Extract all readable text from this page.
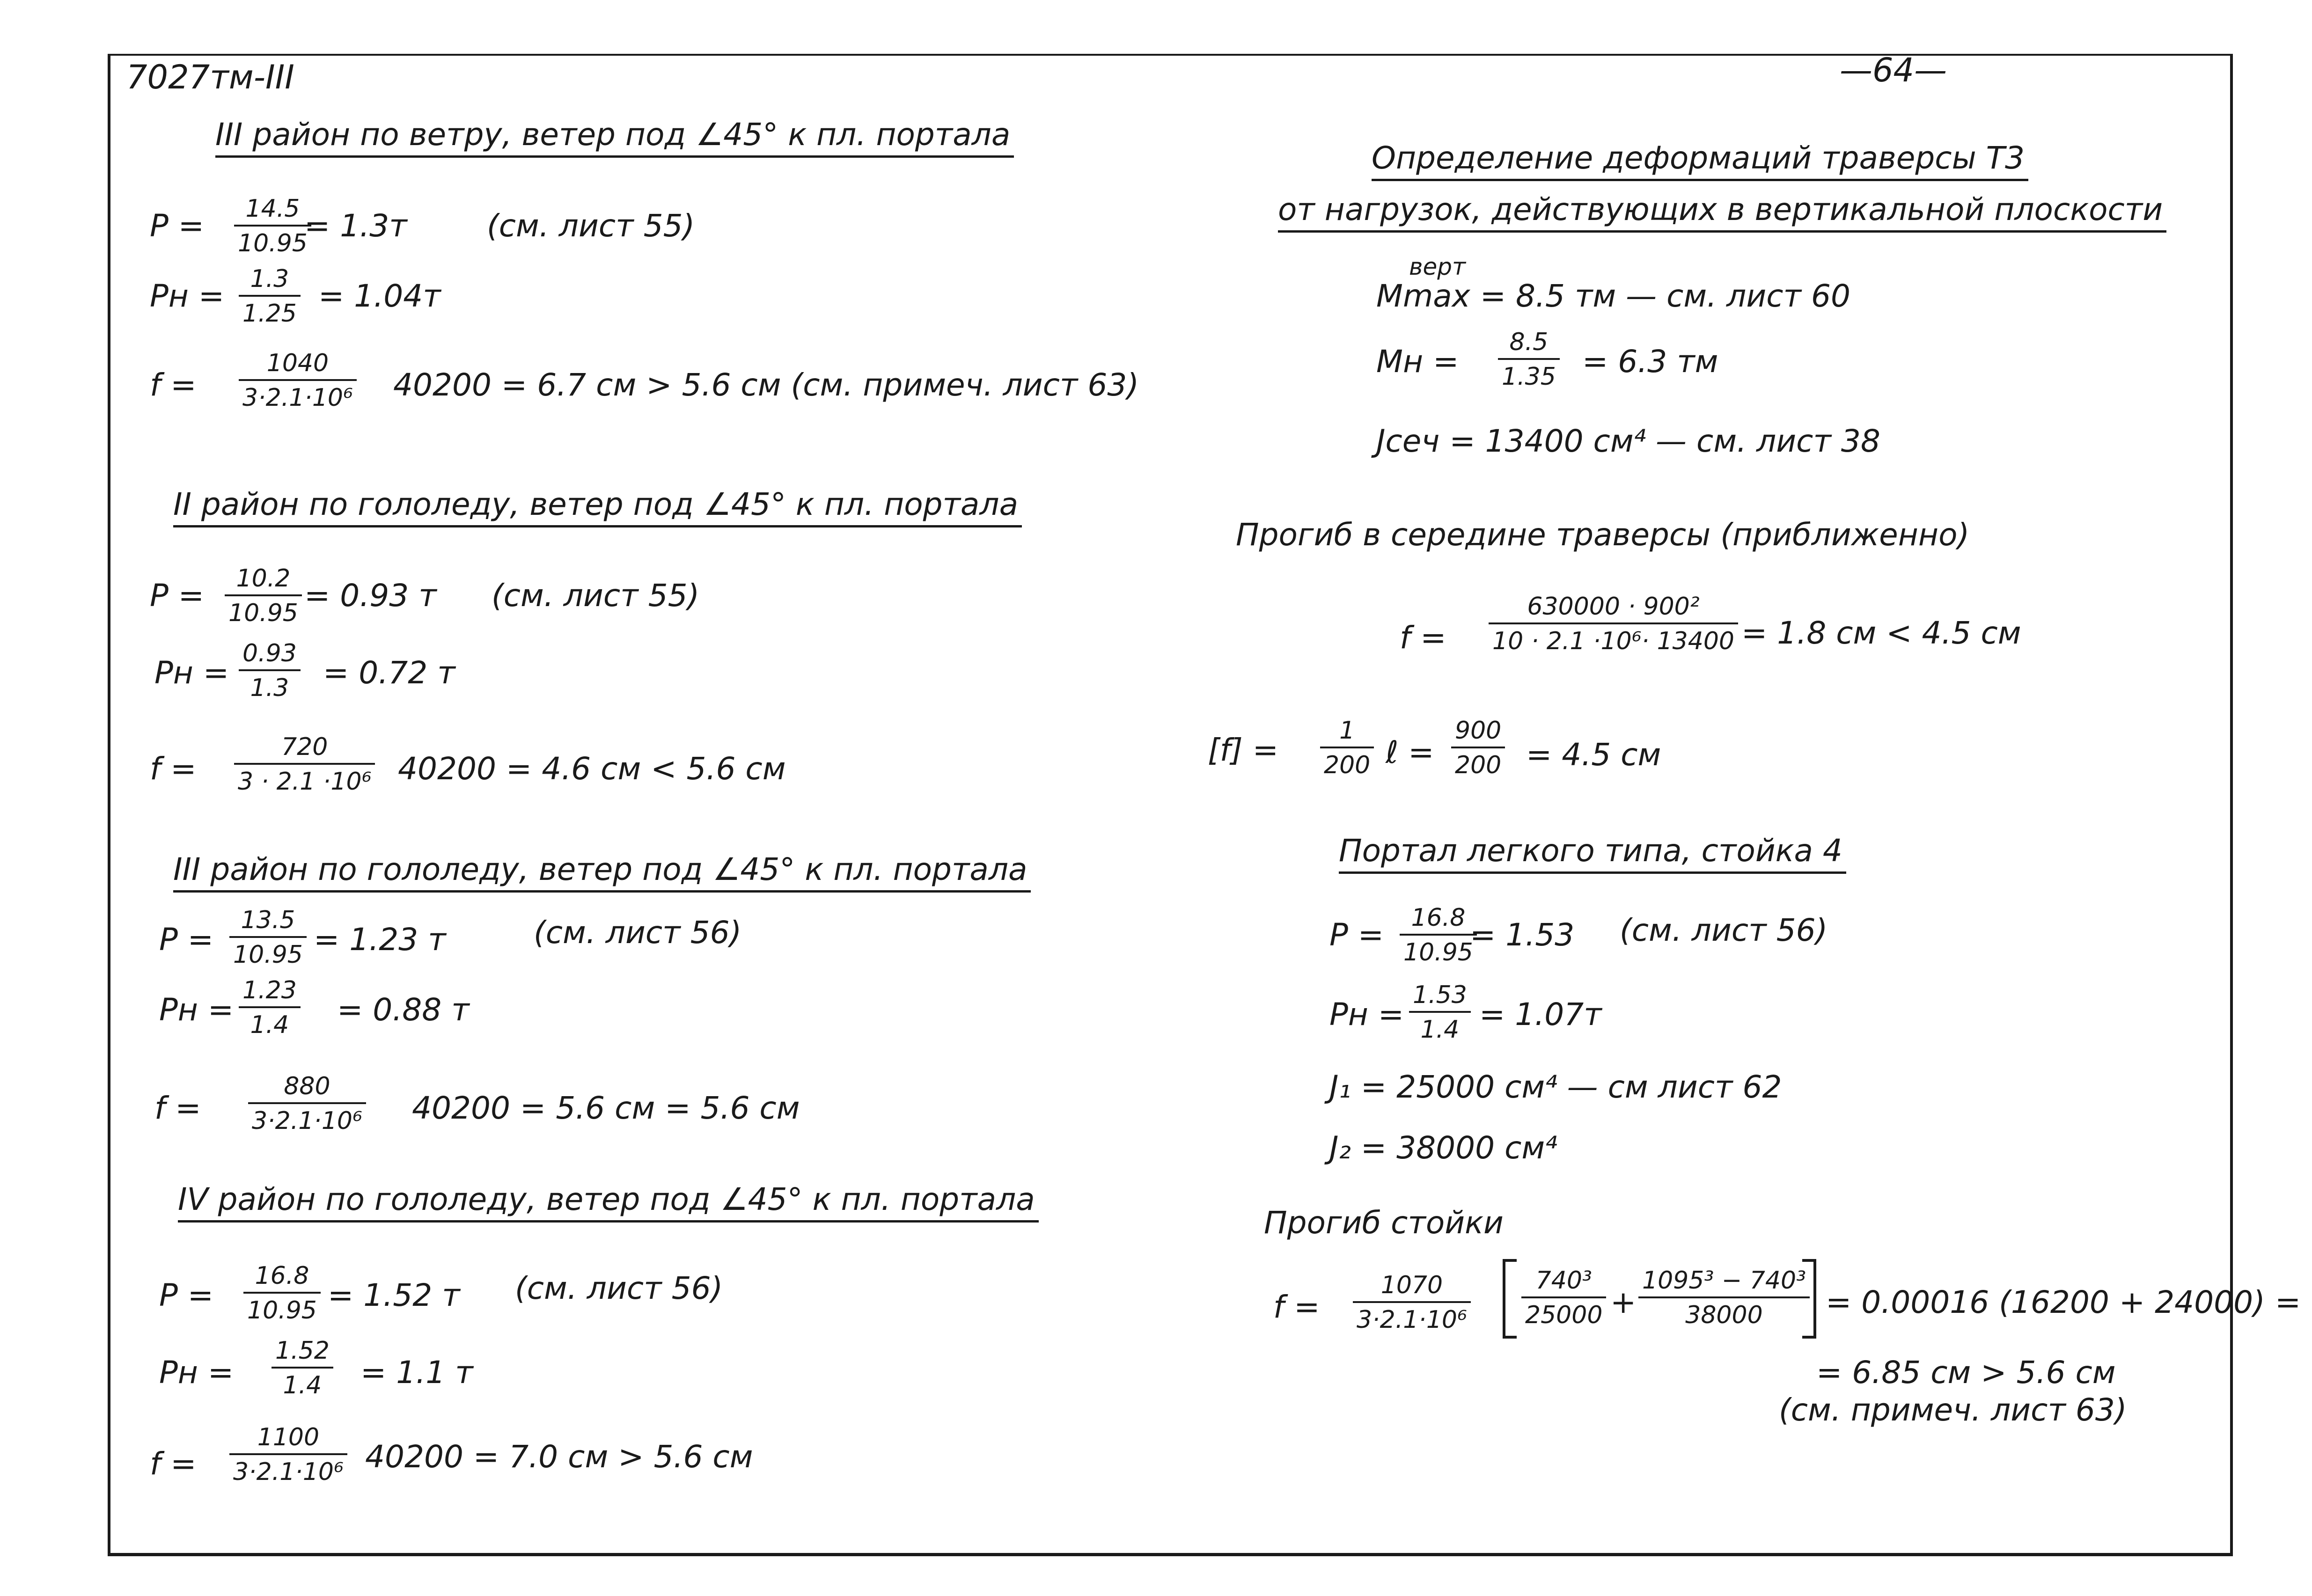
7027тм-III	—64—
III район по ветру, ветер под ∠45° к пл. портала
$P = \frac{14.5}{10.95}$
= 1.3т	(см. лист 55)
Pн = $\frac{1.3}{1.25} = 1.04т$
$f = \frac{1040}{\text{3·2.1·10⁶}} 40200 = 6.7$ см > 5.6 см (см. примеч. лист 63)
II район по гололеду, ветер под ∠45° к пл. портала
$P = \frac{10.2}{10.95} = 0.93$ т (см. лист 55)
Pн = $\frac{0.93}{1.3} = 0.72$ т
$f = \frac{720}{\text{3 · 2.1 ·10⁶}} 40200 = 4.6$ см < 5.6 см
III район по гололеду, ветер под ∠45° к пл. портала
$P = \frac{13.5}{10.95} = 1.23$ т	(см. лист 56)
Pн = $\frac{1.23}{1.4} = 0.88$ т
$f = \frac{880}{\text{3·2.1·10⁶}} 40200 = 5.6$ см = 5.6 см
IV район по гололеду, ветер под ∠45° к пл. портала
$P = \frac{16.8}{10.95} = 1.52$ т (см. лист 56)
Pн = $\frac{1.52}{1.4} = 1.1$ т
$f = \frac{1100}{\text{3·2.1·10⁶}} 40200 = 7.0$ см > 5.6 см
Определение деформаций траверсы Т3
от нагрузок, действующих в вертикальной плоскости
верт
Mmax = 8.5 тм — см. лист 60
Mн = $\frac{8.5}{1.35} = 6.3$ тм
Jсеч = 13400 см⁴ — см. лист 38
Прогиб в середине траверсы (приближенно)
$f = \frac{\text{630000 · 900²}}{\text{10 · 2.1 ·10⁶· 13400}} = 1.8$ см < 4.5 см
$[f] = \frac{1}{200}$ ℓ = $\frac{900}{200} = 4.5$ см
Портал легкого типа, стойка 4
$P = \frac{16.8}{10.95}$
= 1.53 (см. лист 56)
Pн = $\frac{1.53}{1.4} = 1.07т$
J₁ = 25000 см⁴ — см лист 62
J₂ = 38000 см⁴
Прогиб стойки
$f = \frac{1070}{\text{3·2.1·10⁶}} \frac{\text{740³}}{25000} + \frac{\text{1095³ − 740³}}{38000} = 0.00016$ (16200 + 24000) =
= 6.85 см > 5.6 см
(см. примеч. лист 63)
